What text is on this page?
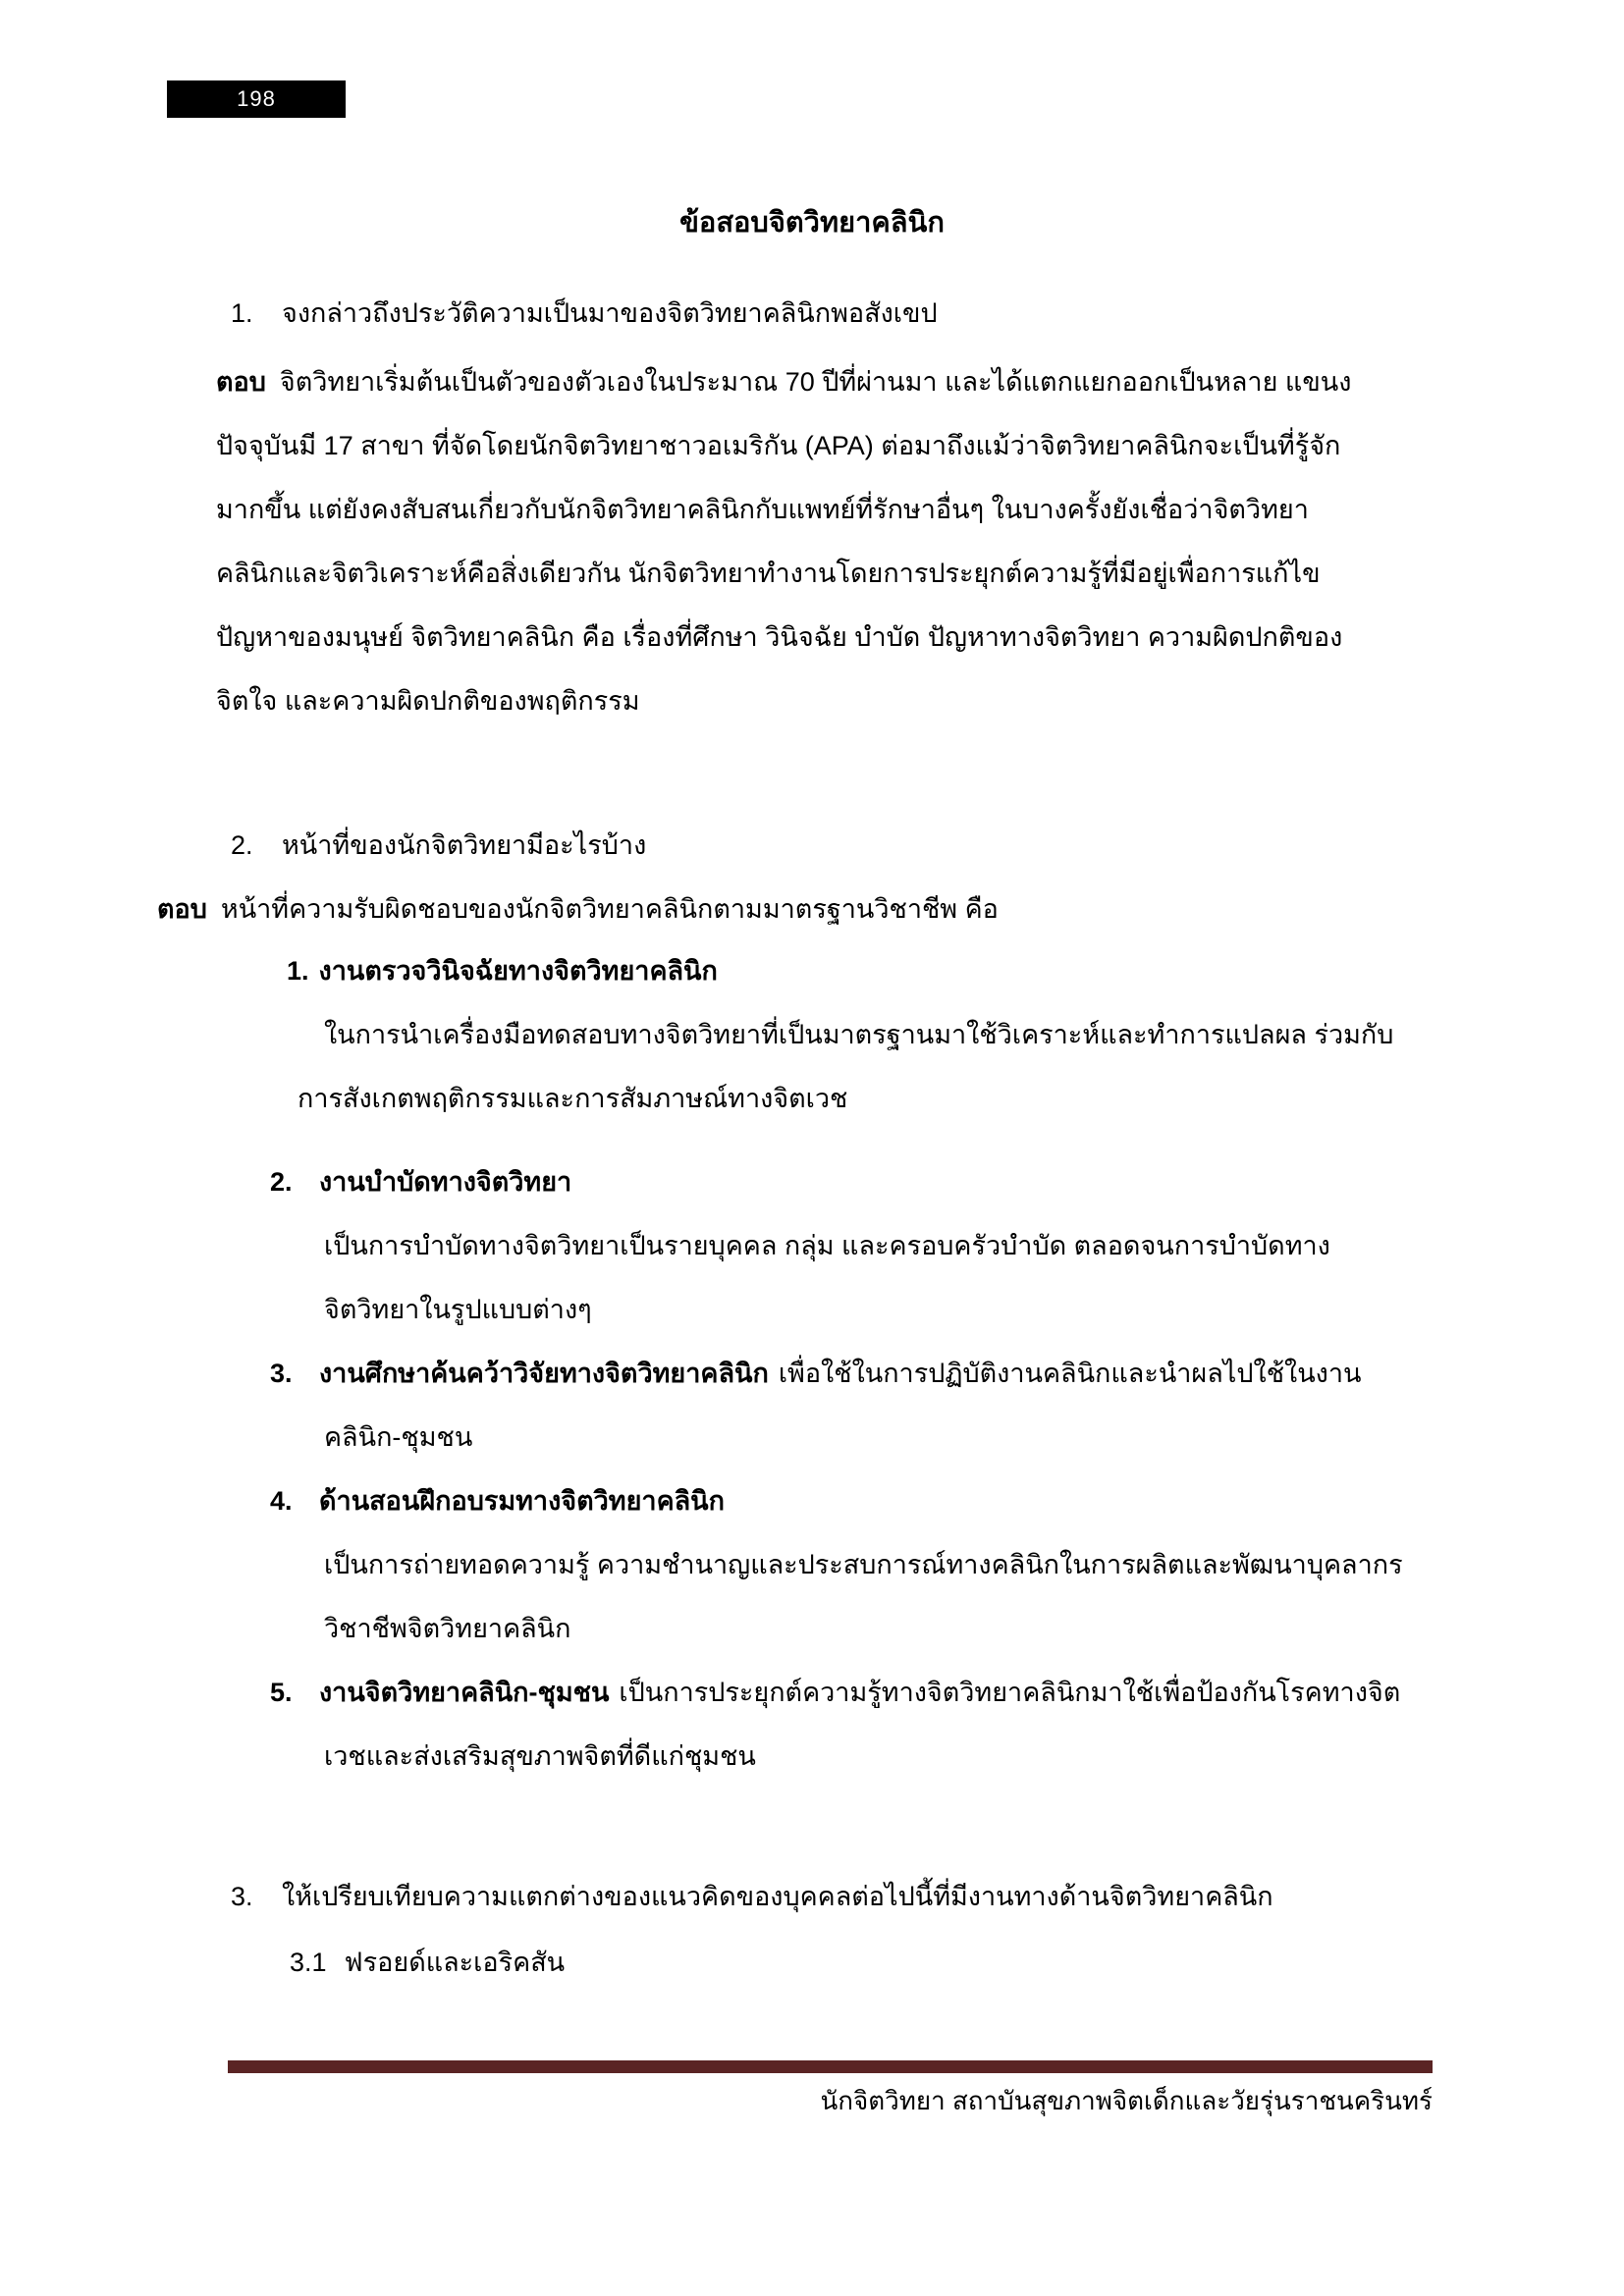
198
ข้อสอบจิตวิทยาคลินิก
1. จงกล่าวถึงประวัติความเป็นมาของจิตวิทยาคลินิกพอสังเขป
ตอบ จิตวิทยาเริ่มต้นเป็นตัวของตัวเองในประมาณ 70 ปีที่ผ่านมา และได้แตกแยกออกเป็นหลาย แขนง
ปัจจุบันมี 17 สาขา ที่จัดโดยนักจิตวิทยาชาวอเมริกัน (APA) ต่อมาถึงแม้ว่าจิตวิทยาคลินิกจะเป็นที่รู้จัก
มากขึ้น แต่ยังคงสับสนเกี่ยวกับนักจิตวิทยาคลินิกกับแพทย์ที่รักษาอื่นๆ ในบางครั้งยังเชื่อว่าจิตวิทยา
คลินิกและจิตวิเคราะห์คือสิ่งเดียวกัน นักจิตวิทยาทำงานโดยการประยุกต์ความรู้ที่มีอยู่เพื่อการแก้ไข
ปัญหาของมนุษย์ จิตวิทยาคลินิก คือ เรื่องที่ศึกษา วินิจฉัย บำบัด ปัญหาทางจิตวิทยา ความผิดปกติของ
จิตใจ และความผิดปกติของพฤติกรรม
2. หน้าที่ของนักจิตวิทยามีอะไรบ้าง
ตอบ หน้าที่ความรับผิดชอบของนักจิตวิทยาคลินิกตามมาตรฐานวิชาชีพ คือ
1. งานตรวจวินิจฉัยทางจิตวิทยาคลินิก
ในการนำเครื่องมือทดสอบทางจิตวิทยาที่เป็นมาตรฐานมาใช้วิเคราะห์และทำการแปลผล ร่วมกับ
การสังเกตพฤติกรรมและการสัมภาษณ์ทางจิตเวช
2. งานบำบัดทางจิตวิทยา
เป็นการบำบัดทางจิตวิทยาเป็นรายบุคคล กลุ่ม และครอบครัวบำบัด ตลอดจนการบำบัดทาง
จิตวิทยาในรูปแบบต่างๆ
3. งานศึกษาค้นคว้าวิจัยทางจิตวิทยาคลินิก เพื่อใช้ในการปฏิบัติงานคลินิกและนำผลไปใช้ในงาน
คลินิก-ชุมชน
4. ด้านสอนฝึกอบรมทางจิตวิทยาคลินิก
เป็นการถ่ายทอดความรู้ ความชำนาญและประสบการณ์ทางคลินิกในการผลิตและพัฒนาบุคลากร
วิชาชีพจิตวิทยาคลินิก
5. งานจิตวิทยาคลินิก-ชุมชน เป็นการประยุกต์ความรู้ทางจิตวิทยาคลินิกมาใช้เพื่อป้องกันโรคทางจิต
เวชและส่งเสริมสุขภาพจิตที่ดีแก่ชุมชน
3. ให้เปรียบเทียบความแตกต่างของแนวคิดของบุคคลต่อไปนี้ที่มีงานทางด้านจิตวิทยาคลินิก
3.1 ฟรอยด์และเอริคสัน
นักจิตวิทยา สถาบันสุขภาพจิตเด็กและวัยรุ่นราชนครินทร์
